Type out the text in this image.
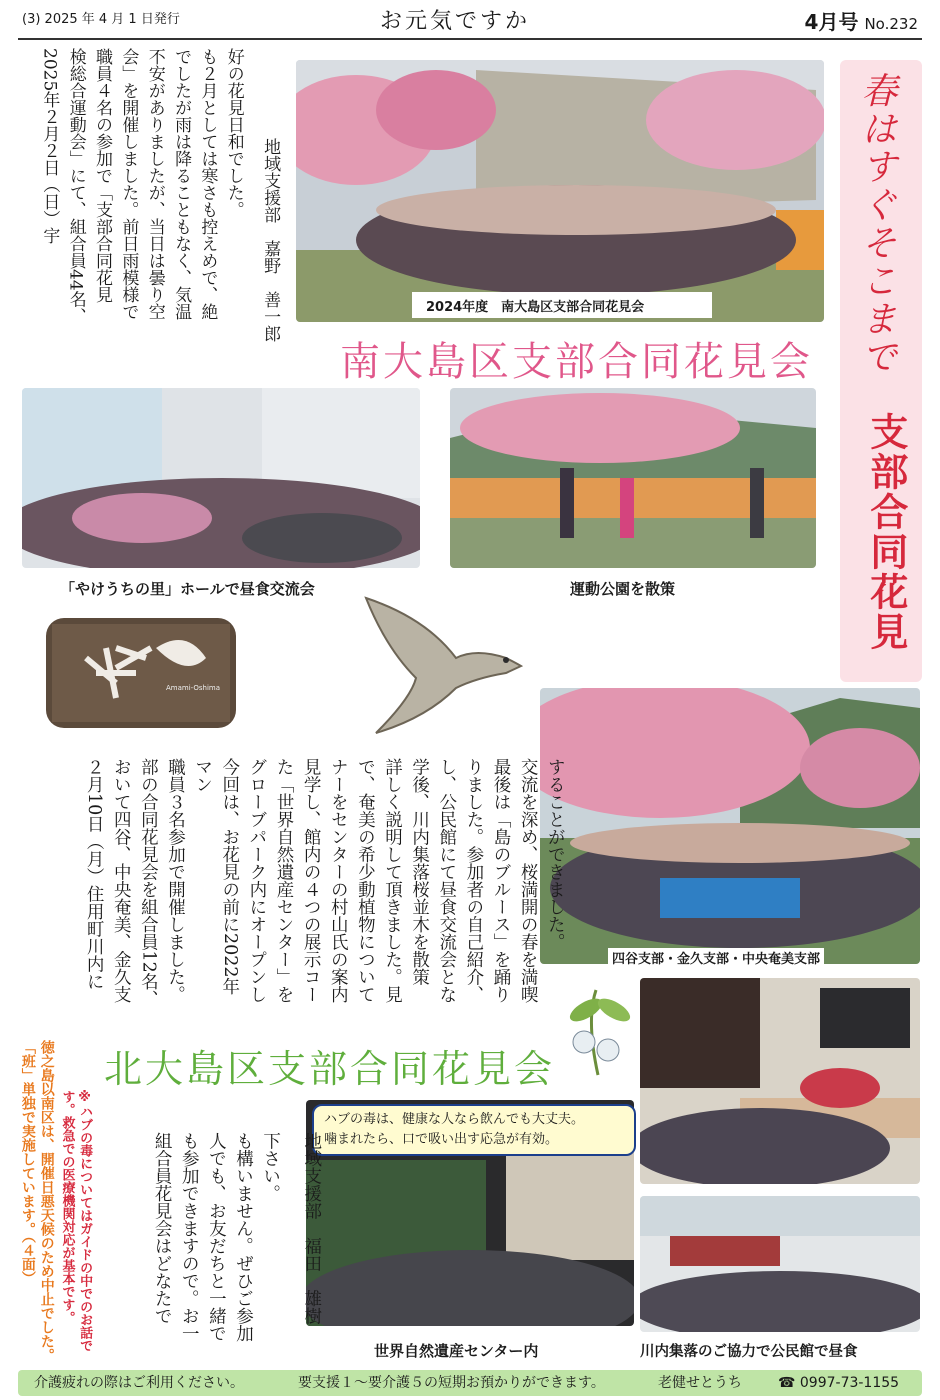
(3) 2025 年 4 月 1 日発行	お元気ですか	4月号 No.232
地域支援部　嘉野　善一郎
好の花見日和でした。
も２月としては寒さも控えめで、絶
でしたが雨は降ることもなく、気温
不安がありましたが、当日は曇り空
会」を開催しました。前日雨模様で
職員４名の参加で「支部合同花見
検総合運動会」にて、組合員44名、
2025年２月２日（日）宇
2024年度　南大島区支部合同花見会
南大島区支部合同花見会 春はすぐそこまで
支部合同花見
「やけうちの里」ホールで昼食交流会	運動公園を散策
Amami-Oshima
四谷支部・金久支部・中央奄美支部
することができました。
交流を深め、桜満開の春を満喫
最後は「島のブルース」を踊り
りました。参加者の自己紹介、
し、公民館にて昼食交流会とな
学後、川内集落桜並木を散策
詳しく説明して頂きました。見
で、奄美の希少動植物について
ナーをセンターの村山氏の案内
見学し、館内の４つの展示コー
た「世界自然遺産センター」を
グローブパーク内にオープンし
今回は、お花見の前に2022年マン
職員３名参加で開催しました。
部の合同花見会を組合員12名、
おいて四谷、中央奄美、金久支
２月10日（月）住用町川内に
北大島区支部合同花見会
ハブの毒は、健康な人なら飲んでも大丈夫。
噛まれたら、口で吸い出す応急が有効。
世界自然遺産センター内	川内集落のご協力で公民館で昼食
地域支援部　福田　雄樹
下さい。
も構いません。ぜひご参加
人でも、お友だちと一緒で
も参加できますので。お一
組合員花見会はどなたで
※ハブの毒についてはガイドの中でのお話です。救急での医療機関対応が基本です。
徳之島以南区は、開催日悪天候のため中止でした。「班」単独で実施しています。（４面）
介護疲れの際はご利用ください。	要支援１～要介護５の短期お預かりができます。	老健せとうち	☎ 0997-73-1155
